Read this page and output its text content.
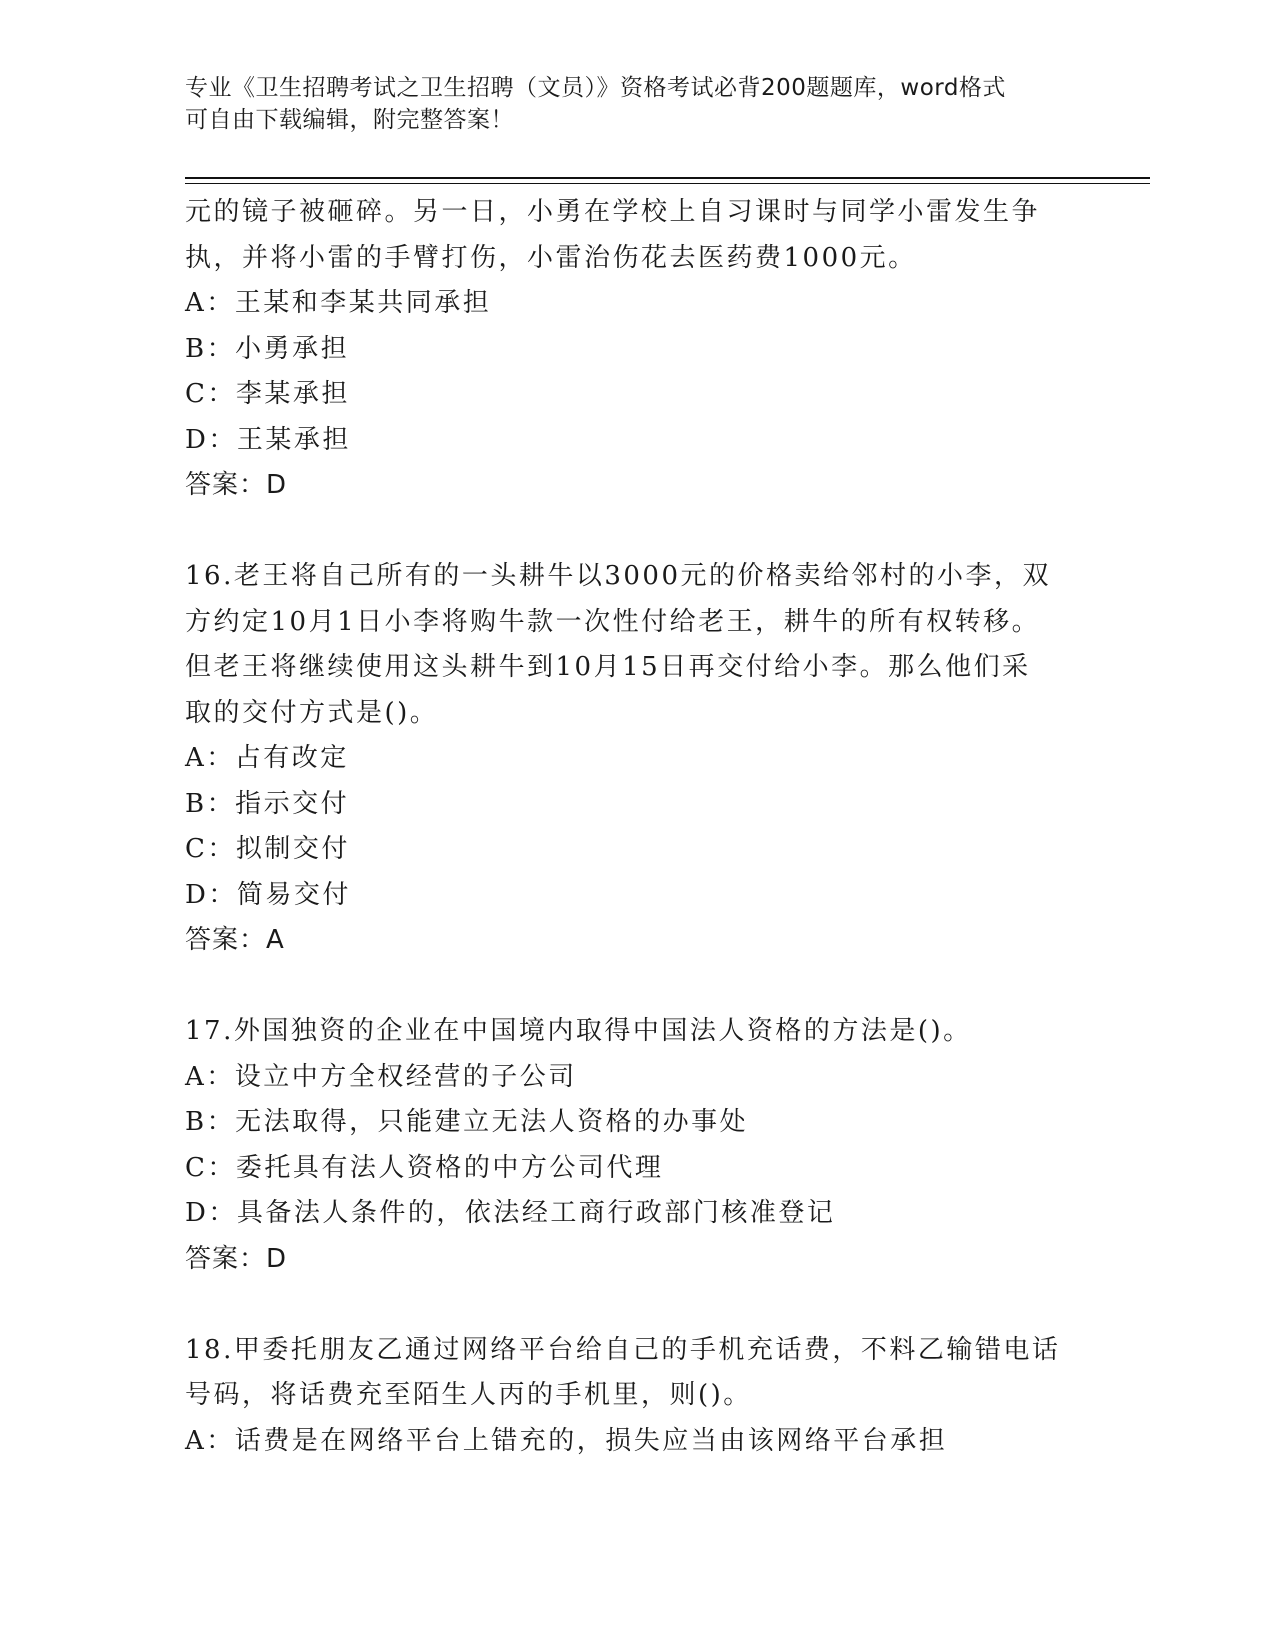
专业《卫生招聘考试之卫生招聘（文员）》资格考试必背200题题库，word格式
可自由下载编辑，附完整答案！
元的镜子被砸碎。另一日，小勇在学校上自习课时与同学小雷发生争
执，并将小雷的手臂打伤，小雷治伤花去医药费1000元。
A：王某和李某共同承担
B：小勇承担
C：李某承担
D：王某承担
答案：D
16.老王将自己所有的一头耕牛以3000元的价格卖给邻村的小李，双
方约定10月1日小李将购牛款一次性付给老王，耕牛的所有权转移。
但老王将继续使用这头耕牛到10月15日再交付给小李。那么他们采
取的交付方式是()。
A：占有改定
B：指示交付
C：拟制交付
D：简易交付
答案：A
17.外国独资的企业在中国境内取得中国法人资格的方法是()。
A：设立中方全权经营的子公司
B：无法取得，只能建立无法人资格的办事处
C：委托具有法人资格的中方公司代理
D：具备法人条件的，依法经工商行政部门核准登记
答案：D
18.甲委托朋友乙通过网络平台给自己的手机充话费，不料乙输错电话
号码，将话费充至陌生人丙的手机里，则()。
A：话费是在网络平台上错充的，损失应当由该网络平台承担
